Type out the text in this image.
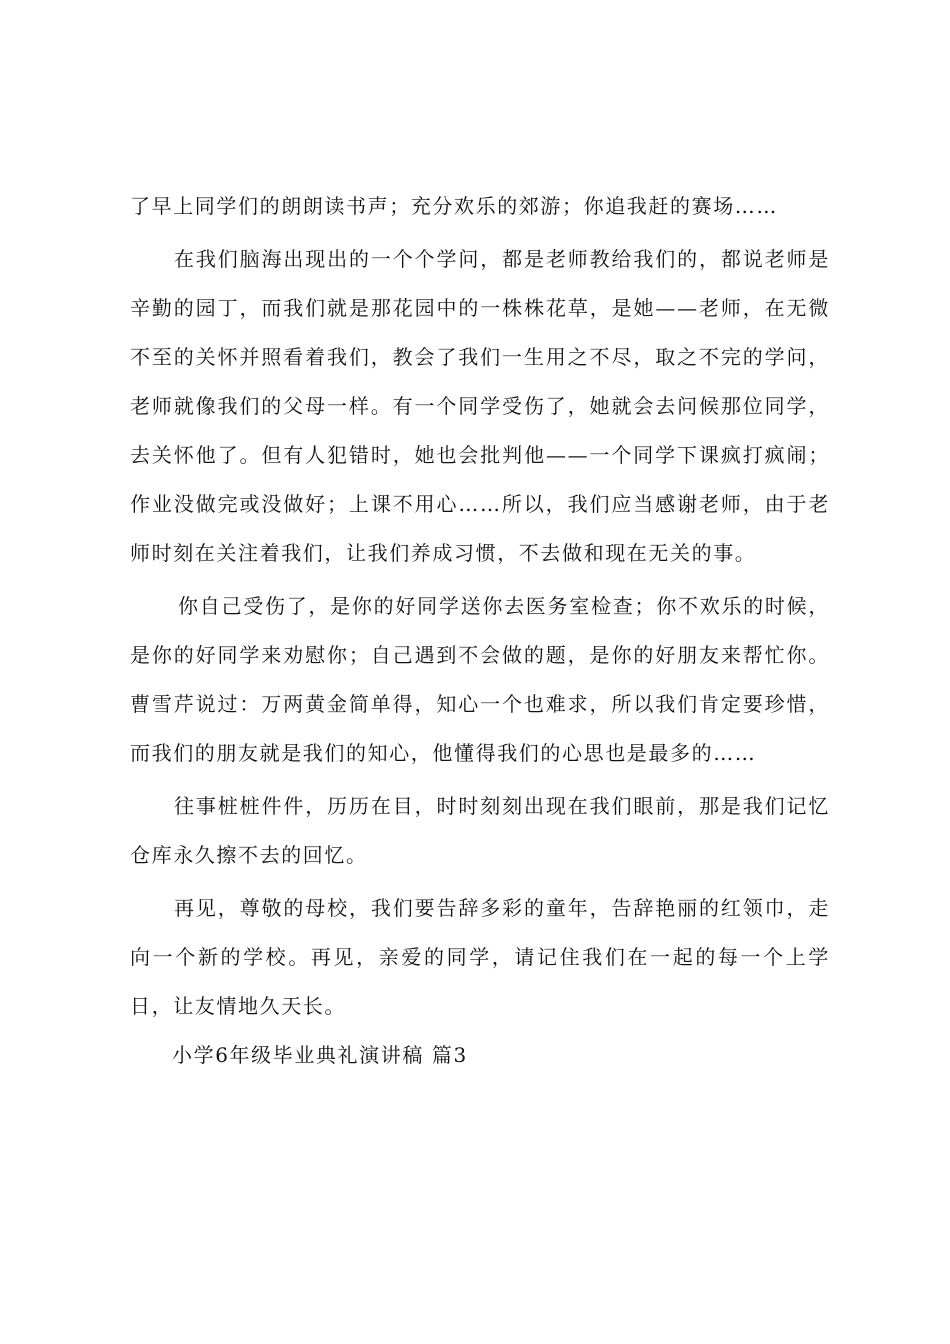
了早上同学们的朗朗读书声；充分欢乐的郊游；你追我赶的赛场……

在我们脑海出现出的一个个学问，都是老师教给我们的，都说老师是辛勤的园丁，而我们就是那花园中的一株株花草，是她——老师，在无微不至的关怀并照看着我们，教会了我们一生用之不尽，取之不完的学问，老师就像我们的父母一样。有一个同学受伤了，她就会去问候那位同学，去关怀他了。但有人犯错时，她也会批判他——一个同学下课疯打疯闹；作业没做完或没做好；上课不用心……所以，我们应当感谢老师，由于老师时刻在关注着我们，让我们养成习惯，不去做和现在无关的事。

你自己受伤了，是你的好同学送你去医务室检查；你不欢乐的时候，是你的好同学来劝慰你；自己遇到不会做的题，是你的好朋友来帮忙你。曹雪芹说过：万两黄金简单得，知心一个也难求，所以我们肯定要珍惜，而我们的朋友就是我们的知心，他懂得我们的心思也是最多的……

往事桩桩件件，历历在目，时时刻刻出现在我们眼前，那是我们记忆仓库永久擦不去的回忆。

再见，尊敬的母校，我们要告辞多彩的童年，告辞艳丽的红领巾，走向一个新的学校。再见，亲爱的同学，请记住我们在一起的每一个上学日，让友情地久天长。

小学6年级毕业典礼演讲稿 篇3
